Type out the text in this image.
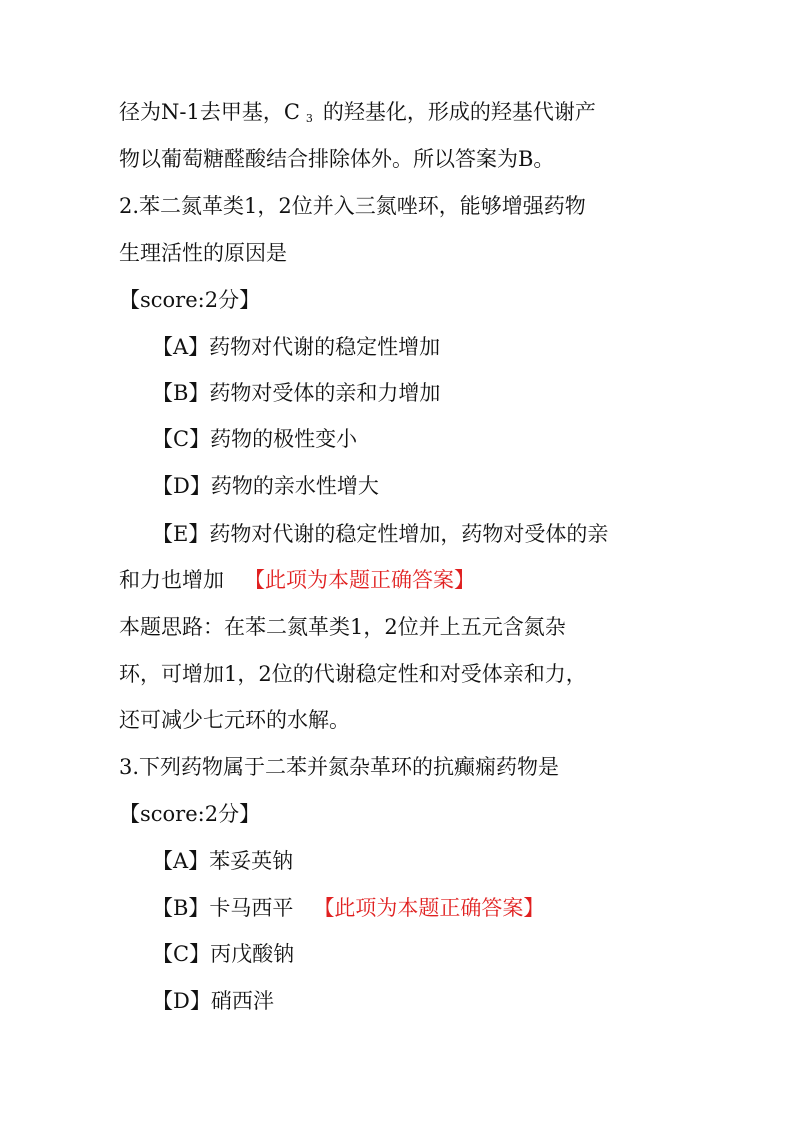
径为N-1去甲基，C $_3$ 的羟基化，形成的羟基代谢产
物以葡萄糖醛酸结合排除体外。所以答案为B。
2.苯二氮革类1，2位并入三氮唑环，能够增强药物
生理活性的原因是
【score:2分】
【A】药物对代谢的稳定性增加
【B】药物对受体的亲和力增加
【C】药物的极性变小
【D】药物的亲水性增大
【E】药物对代谢的稳定性增加，药物对受体的亲
和力也增加 【此项为本题正确答案】
本题思路：在苯二氮革类1，2位并上五元含氮杂
环，可增加1，2位的代谢稳定性和对受体亲和力，
还可减少七元环的水解。
3.下列药物属于二苯并氮杂革环的抗癫痫药物是
【score:2分】
【A】苯妥英钠
【B】卡马西平 【此项为本题正确答案】
【C】丙戊酸钠
【D】硝西泮
